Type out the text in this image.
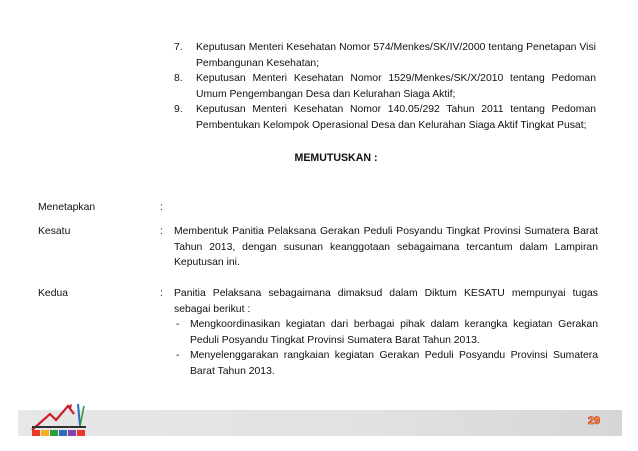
7. Keputusan Menteri Kesehatan Nomor 574/Menkes/SK/IV/2000 tentang Penetapan Visi Pembangunan Kesehatan;
8. Keputusan Menteri Kesehatan Nomor 1529/Menkes/SK/X/2010 tentang Pedoman Umum Pengembangan Desa dan Kelurahan Siaga Aktif;
9. Keputusan Menteri Kesehatan Nomor 140.05/292 Tahun 2011 tentang Pedoman Pembentukan Kelompok Operasional Desa dan Kelurahan Siaga Aktif Tingkat Pusat;
MEMUTUSKAN :
Menetapkan	:
Kesatu	: Membentuk Panitia Pelaksana Gerakan Peduli Posyandu Tingkat Provinsi Sumatera Barat Tahun 2013, dengan susunan keanggotaan sebagaimana tercantum dalam Lampiran Keputusan ini.
Kedua	: Panitia Pelaksana sebagaimana dimaksud dalam Diktum KESATU mempunyai tugas sebagai berikut :
- Mengkoordinasikan kegiatan dari berbagai pihak dalam kerangka kegiatan Gerakan Peduli Posyandu Tingkat Provinsi Sumatera Barat Tahun 2013.
- Menyelenggarakan rangkaian kegiatan Gerakan Peduli Posyandu Provinsi Sumatera Barat Tahun 2013.
29
